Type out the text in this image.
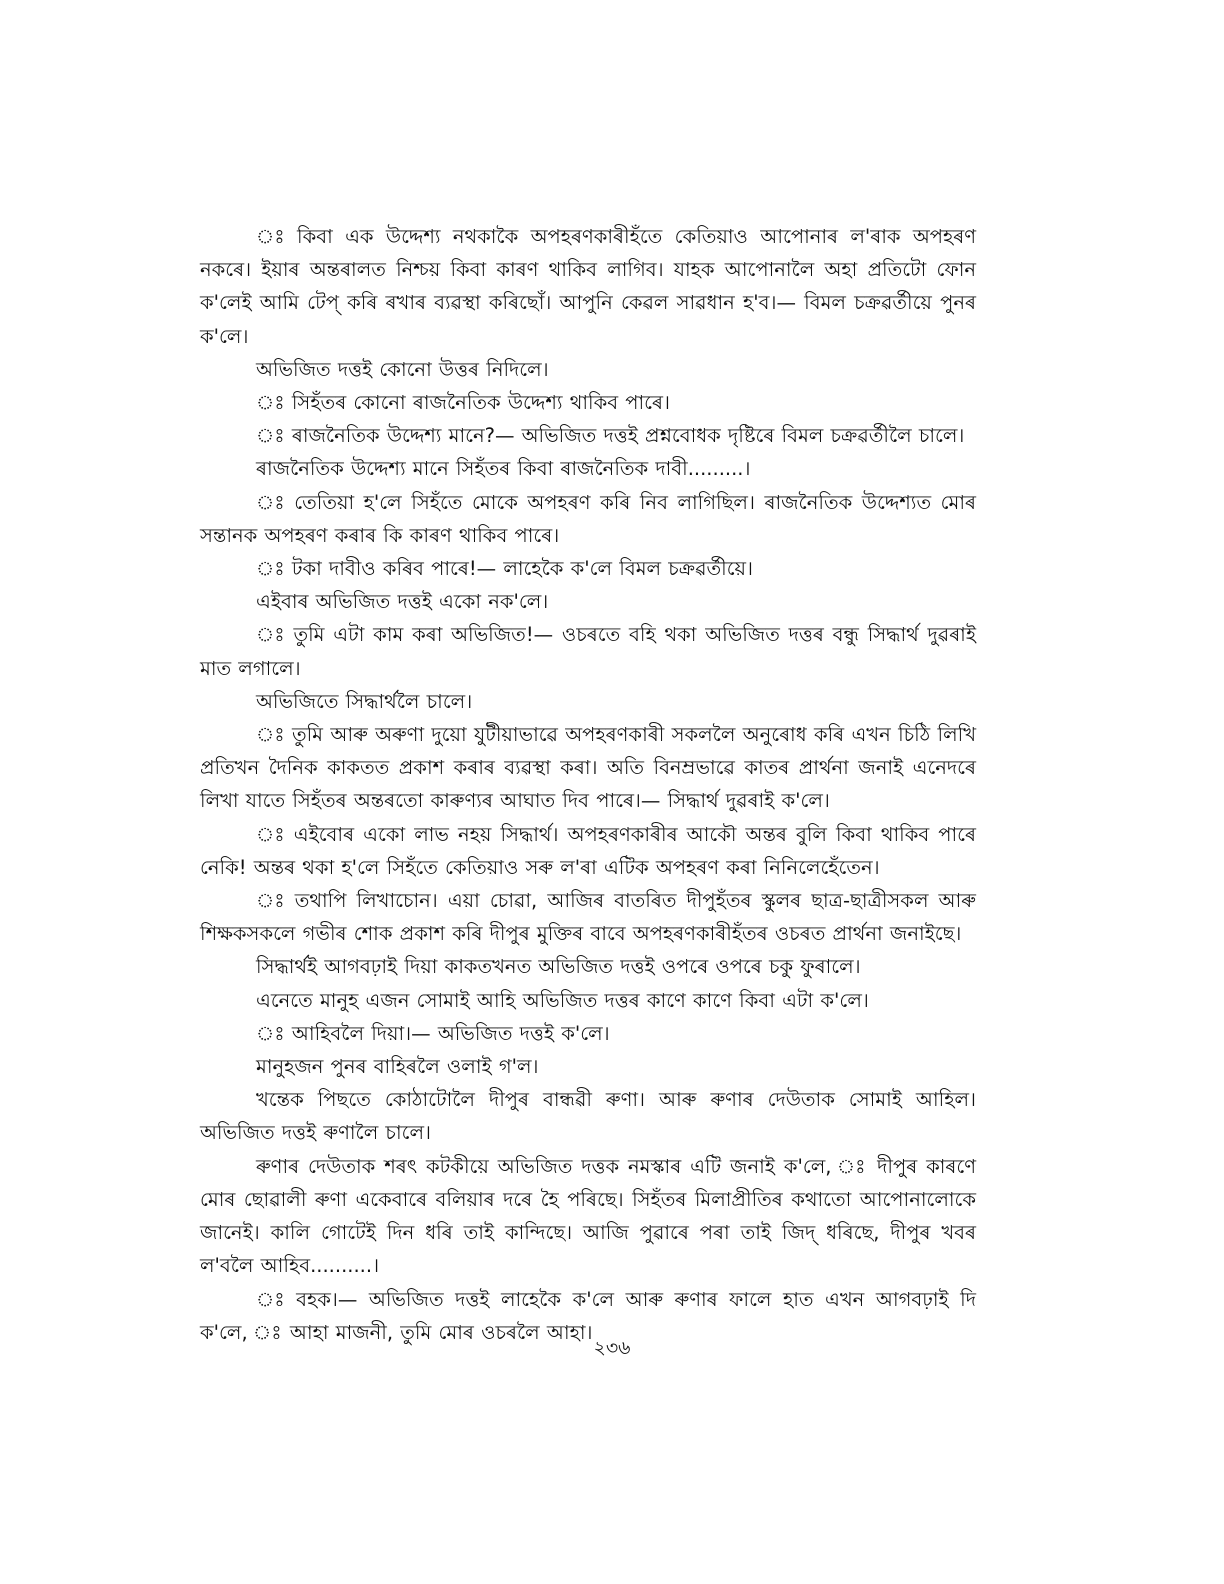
ঃ কিবা এক উদ্দেশ্য নথকাকৈ অপহৰণকাৰীহঁতে কেতিয়াও আপোনাৰ ল'ৰাক অপহৰণ নকৰে। ইয়াৰ অন্তৰালত নিশ্চয় কিবা কাৰণ থাকিব লাগিব। যাহক আপোনালৈ অহা প্ৰতিটো ফোন ক'লেই আমি টেপ্ কৰি ৰখাৰ ব্যৱস্থা কৰিছোঁ। আপুনি কেৱল সাৱধান হ'ব।— বিমল চক্ৰৱৰ্তীয়ে পুনৰ ক'লে।

অভিজিত দত্তই কোনো উত্তৰ নিদিলে।

ঃ সিহঁতৰ কোনো ৰাজনৈতিক উদ্দেশ্য থাকিব পাৰে।

ঃ ৰাজনৈতিক উদ্দেশ্য মানে?— অভিজিত দত্তই প্ৰশ্নবোধক দৃষ্টিৰে বিমল চক্ৰৱৰ্তীলৈ চালে।

ৰাজনৈতিক উদ্দেশ্য মানে সিহঁতৰ কিবা ৰাজনৈতিক দাবী.........।

ঃ তেতিয়া হ'লে সিহঁতে মোকে অপহৰণ কৰি নিব লাগিছিল। ৰাজনৈতিক উদ্দেশ্যত মোৰ সন্তানক অপহৰণ কৰাৰ কি কাৰণ থাকিব পাৰে।

ঃ টকা দাবীও কৰিব পাৰে!— লাহেকৈ ক'লে বিমল চক্ৰৱৰ্তীয়ে।

এইবাৰ অভিজিত দত্তই একো নক'লে।

ঃ তুমি এটা কাম কৰা অভিজিত!— ওচৰতে বহি থকা অভিজিত দত্তৰ বন্ধু সিদ্ধাৰ্থ দুৱৰাই মাত লগালে।

অভিজিতে সিদ্ধাৰ্থলৈ চালে।

ঃ তুমি আৰু অৰুণা দুয়ো যুটীয়াভাৱে অপহৰণকাৰী সকললৈ অনুৰোধ কৰি এখন চিঠি লিখি প্ৰতিখন দৈনিক কাকতত প্ৰকাশ কৰাৰ ব্যৱস্থা কৰা। অতি বিনম্ৰভাৱে কাতৰ প্ৰাৰ্থনা জনাই এনেদৰে লিখা যাতে সিহঁতৰ অন্তৰতো কাৰুণ্যৰ আঘাত দিব পাৰে।— সিদ্ধাৰ্থ দুৱৰাই ক'লে।

ঃ এইবোৰ একো লাভ নহয় সিদ্ধাৰ্থ। অপহৰণকাৰীৰ আকৌ অন্তৰ বুলি কিবা থাকিব পাৰে নেকি! অন্তৰ থকা হ'লে সিহঁতে কেতিয়াও সৰু ল'ৰা এটিক অপহৰণ কৰা নিনিলেহেঁতেন।

ঃ তথাপি লিখাচোন। এয়া চোৱা, আজিৰ বাতৰিত দীপুহঁতৰ স্কুলৰ ছাত্ৰ-ছাত্ৰীসকল আৰু শিক্ষকসকলে গভীৰ শোক প্ৰকাশ কৰি দীপুৰ মুক্তিৰ বাবে অপহৰণকাৰীহঁতৰ ওচৰত প্ৰাৰ্থনা জনাইছে।

সিদ্ধাৰ্থই আগবঢ়াই দিয়া কাকতখনত অভিজিত দত্তই ওপৰে ওপৰে চকু ফুৰালে।

এনেতে মানুহ এজন সোমাই আহি অভিজিত দত্তৰ কাণে কাণে কিবা এটা ক'লে।

ঃ আহিবলৈ দিয়া।— অভিজিত দত্তই ক'লে।

মানুহজন পুনৰ বাহিৰলৈ ওলাই গ'ল।

খন্তেক পিছতে কোঠাটোলৈ দীপুৰ বান্ধৱী ৰুণা। আৰু ৰুণাৰ দেউতাক সোমাই আহিল। অভিজিত দত্তই ৰুণালৈ চালে।

ৰুণাৰ দেউতাক শৰৎ কটকীয়ে অভিজিত দত্তক নমস্কাৰ এটি জনাই ক'লে, ঃ দীপুৰ কাৰণে মোৰ ছোৱালী ৰুণা একেবাৰে বলিয়াৰ দৰে হৈ পৰিছে। সিহঁতৰ মিলাপ্ৰীতিৰ কথাতো আপোনালোকে জানেই। কালি গোটেই দিন ধৰি তাই কান্দিছে। আজি পুৱাৰে পৰা তাই জিদ্ ধৰিছে, দীপুৰ খবৰ ল'বলৈ আহিব..........।

ঃ বহক।— অভিজিত দত্তই লাহেকৈ ক'লে আৰু ৰুণাৰ ফালে হাত এখন আগবঢ়াই দি ক'লে, ঃ আহা মাজনী, তুমি মোৰ ওচৰলৈ আহা।

২৩৬
